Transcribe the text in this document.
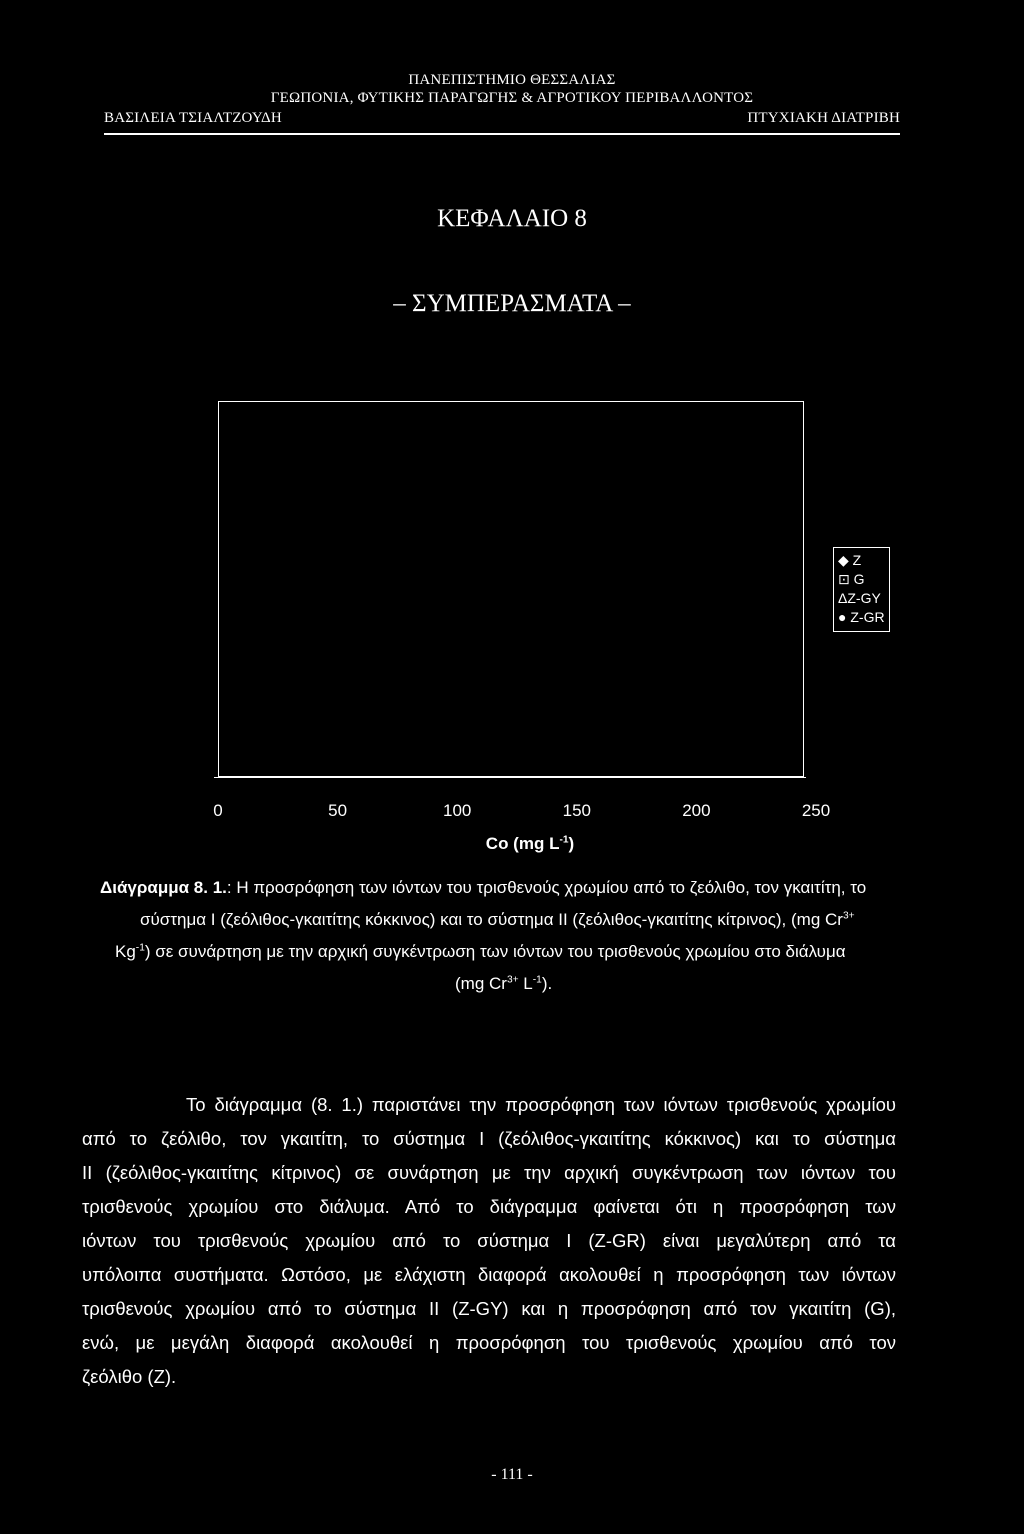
ΠΑΝΕΠΙΣΤΗΜΙΟ ΘΕΣΣΑΛΙΑΣ
ΓΕΩΠΟΝΙΑ, ΦΥΤΙΚΗΣ ΠΑΡΑΓΩΓΗΣ & ΑΓΡΟΤΙΚΟΥ ΠΕΡΙΒΑΛΛΟΝΤΟΣ
ΒΑΣΙΛΕΙΑ ΤΣΙΑΛΤΖΟΥΔΗ	ΠΤΥΧΙΑΚΗ ΔΙΑΤΡΙΒΗ
ΚΕΦΑΛΑΙΟ 8
– ΣΥΜΠΕΡΑΣΜΑΤΑ –
◆ Z
⊡ G
ΔZ-GY
● Z-GR
0	50	100	150	200	250
Co (mg $L^{-1}$)
Διάγραμμα 8. 1.: Η προσρόφηση των ιόντων του τρισθενούς χρωμίου από το ζεόλιθο, τον γκαιτίτη, το
σύστημα Ι (ζεόλιθος-γκαιτίτης κόκκινος) και το σύστημα ΙΙ (ζεόλιθος-γκαιτίτης κίτρινος), (mg $Cr^{3+}$
$Kg^{-1}$) σε συνάρτηση με την αρχική συγκέντρωση των ιόντων του τρισθενούς χρωμίου στο διάλυμα
(mg $Cr^{3+}$ $L^{-1}$).
Το διάγραμμα (8. 1.) παριστάνει την προσρόφηση των ιόντων τρισθενούς χρωμίου
από το ζεόλιθο, τον γκαιτίτη, το σύστημα Ι (ζεόλιθος-γκαιτίτης κόκκινος) και το σύστημα
ΙΙ (ζεόλιθος-γκαιτίτης κίτρινος) σε συνάρτηση με την αρχική συγκέντρωση των ιόντων του
τρισθενούς χρωμίου στο διάλυμα. Από το διάγραμμα φαίνεται ότι η προσρόφηση των
ιόντων του τρισθενούς χρωμίου από το σύστημα Ι (Z-GR) είναι μεγαλύτερη από τα
υπόλοιπα συστήματα. Ωστόσο, με ελάχιστη διαφορά ακολουθεί η προσρόφηση των ιόντων
τρισθενούς χρωμίου από το σύστημα ΙΙ (Z-GY) και η προσρόφηση από τον γκαιτίτη (G),
ενώ, με μεγάλη διαφορά ακολουθεί η προσρόφηση του τρισθενούς χρωμίου από τον
ζεόλιθο (Z).
- 111 -
